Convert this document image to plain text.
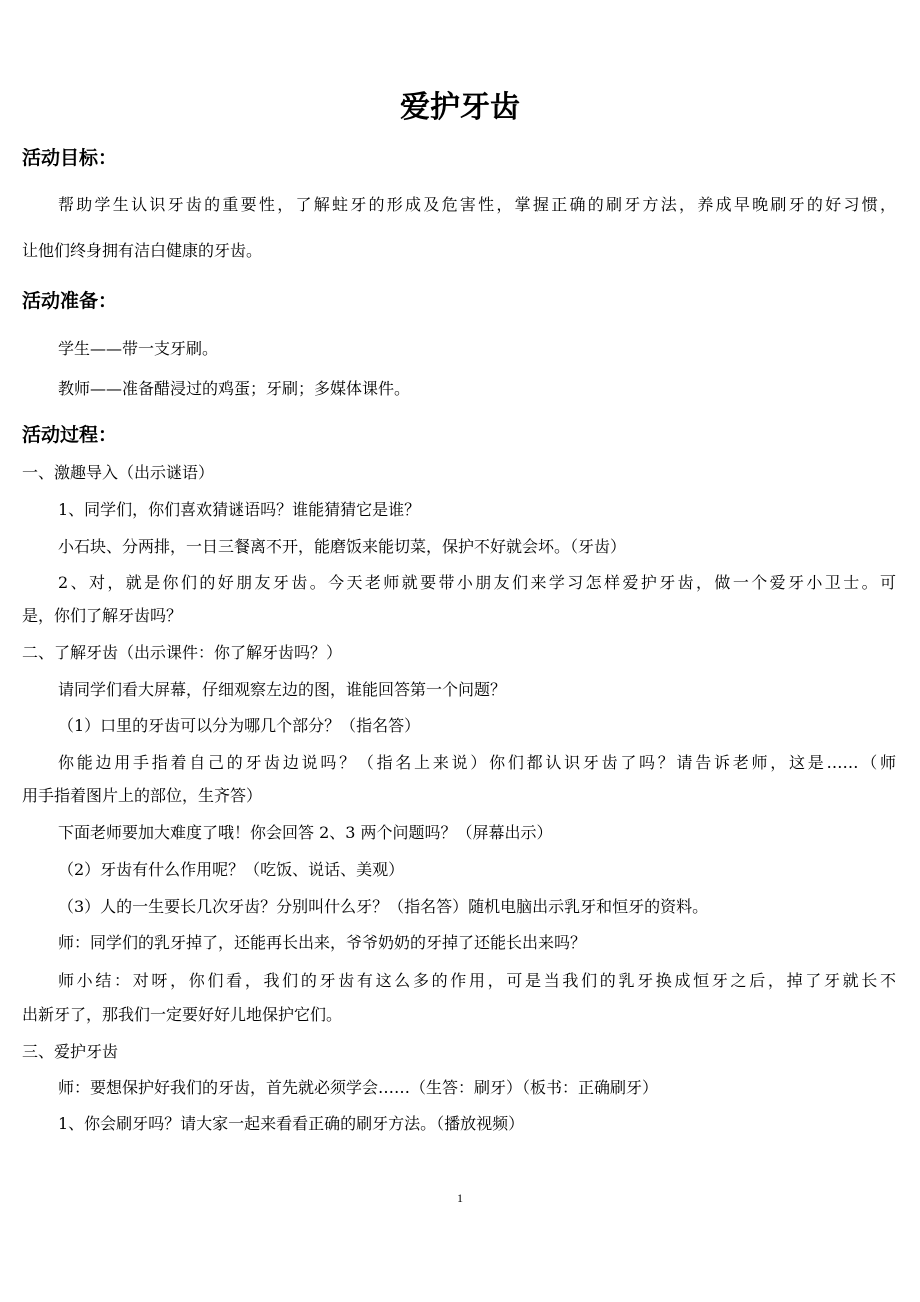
爱护牙齿
活动目标：
帮助学生认识牙齿的重要性，了解蛀牙的形成及危害性，掌握正确的刷牙方法，养成早晚刷牙的好习惯，
让他们终身拥有洁白健康的牙齿。
活动准备：
学生——带一支牙刷。
教师——准备醋浸过的鸡蛋；牙刷；多媒体课件。
活动过程：
一、激趣导入（出示谜语）
1、同学们，你们喜欢猜谜语吗？谁能猜猜它是谁？
小石块、分两排，一日三餐离不开，能磨饭来能切菜，保护不好就会坏。（牙齿）
2、对，就是你们的好朋友牙齿。今天老师就要带小朋友们来学习怎样爱护牙齿，做一个爱牙小卫士。可
是，你们了解牙齿吗？
二、了解牙齿（出示课件：你了解牙齿吗？）
请同学们看大屏幕，仔细观察左边的图，谁能回答第一个问题？
（1）口里的牙齿可以分为哪几个部分？（指名答）
你能边用手指着自己的牙齿边说吗？（指名上来说）你们都认识牙齿了吗？请告诉老师，这是……（师
用手指着图片上的部位，生齐答）
下面老师要加大难度了哦！你会回答 2、3 两个问题吗？（屏幕出示）
（2）牙齿有什么作用呢？（吃饭、说话、美观）
（3）人的一生要长几次牙齿？分别叫什么牙？（指名答）随机电脑出示乳牙和恒牙的资料。
师：同学们的乳牙掉了，还能再长出来，爷爷奶奶的牙掉了还能长出来吗？
师小结：对呀，你们看，我们的牙齿有这么多的作用，可是当我们的乳牙换成恒牙之后，掉了牙就长不
出新牙了，那我们一定要好好儿地保护它们。
三、爱护牙齿
师：要想保护好我们的牙齿，首先就必须学会……（生答：刷牙）（板书：正确刷牙）
1、你会刷牙吗？请大家一起来看看正确的刷牙方法。（播放视频）
1
